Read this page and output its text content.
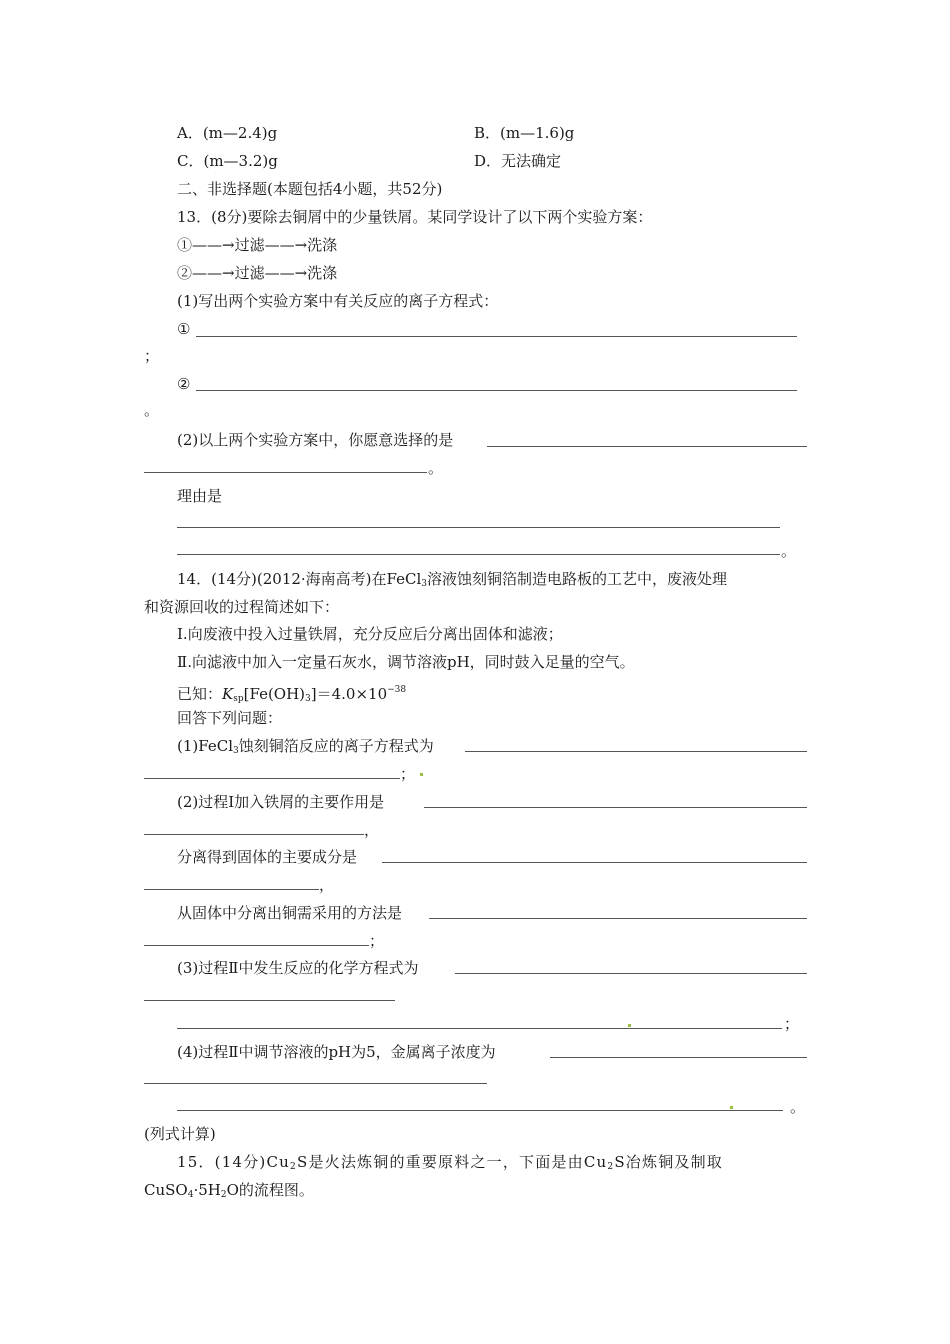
A．(m—2.4)g	B．(m—1.6)g
C．(m—3.2)g	D．无法确定
二、非选择题(本题包括4小题，共52分)
13．(8分)要除去铜屑中的少量铁屑。某同学设计了以下两个实验方案：
①——→过滤——→洗涤
②——→过滤——→洗涤
(1)写出两个实验方案中有关反应的离子方程式：
①
；
②
。
(2)以上两个实验方案中，你愿意选择的是
。
理由是
。
14．(14分)(2012·海南高考)在FeCl$_3$溶液蚀刻铜箔制造电路板的工艺中，废液处理
和资源回收的过程简述如下：
Ⅰ.向废液中投入过量铁屑，充分反应后分离出固体和滤液；
Ⅱ.向滤液中加入一定量石灰水，调节溶液pH，同时鼓入足量的空气。
已知：$K_{sp}[Fe(OH)_3]=4.0\times 10^{-38}$
回答下列问题：
(1)FeCl$_3$蚀刻铜箔反应的离子方程式为
；
(2)过程Ⅰ加入铁屑的主要作用是
，
分离得到固体的主要成分是
，
从固体中分离出铜需采用的方法是
；
(3)过程Ⅱ中发生反应的化学方程式为
；
(4)过程Ⅱ中调节溶液的pH为5，金属离子浓度为
。
(列式计算)
15．(14分)$Cu_2S$是火法炼铜的重要原料之一，下面是由$Cu_2S$冶炼铜及制取
$CuSO_4\cdot 5H_2O$的流程图。
